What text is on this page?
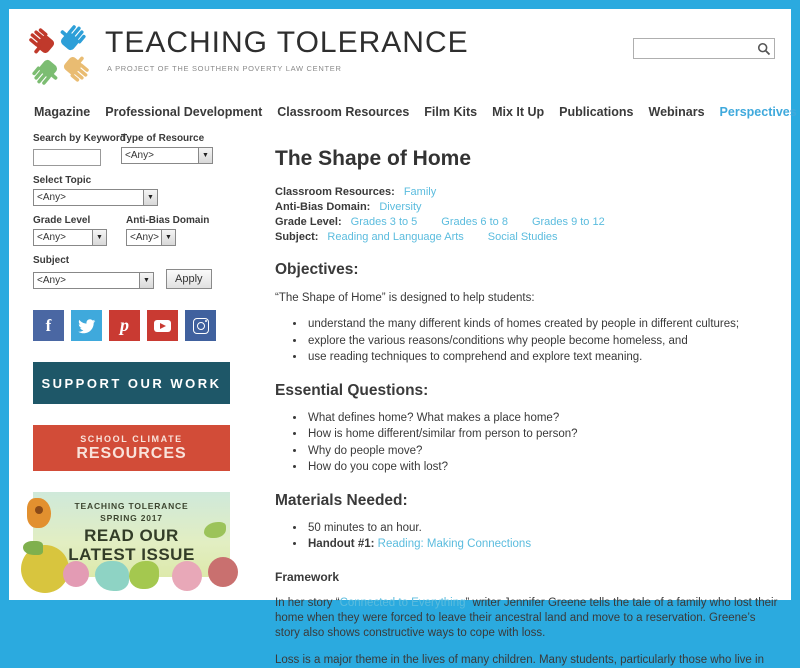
TEACHING TOLERANCE
A PROJECT OF THE SOUTHERN POVERTY LAW CENTER
Magazine Professional Development Classroom Resources Film Kits Mix It Up Publications Webinars Perspectives
Search by Keyword
Type of Resource
<Any>	▼
Select Topic
<Any>	▼
Grade Level
<Any>	▼
Anti-Bias Domain
<Any> ▼
Subject
<Any>	▼	Apply
f	p
SUPPORT OUR WORK
SCHOOL CLIMATE
RESOURCES
TEACHING TOLERANCE
SPRING 2017
READ OUR
LATEST ISSUE
The Shape of Home
Classroom Resources: Family
Anti-Bias Domain: Diversity
Grade Level: Grades 3 to 5 Grades 6 to 8 Grades 9 to 12
Subject: Reading and Language Arts Social Studies
Objectives:

“The Shape of Home” is designed to help students:

• understand the many different kinds of homes created by people in different cultures;
• explore the various reasons/conditions why people become homeless, and
• use reading techniques to comprehend and explore text meaning.
Essential Questions:
• What defines home? What makes a place home?
• How is home different/similar from person to person?
• Why do people move?
• How do you cope with lost?
Materials Needed:
• 50 minutes to an hour.
• Handout #1: Reading: Making Connections
Framework

In her story “Connected to Everything” writer Jennifer Greene tells the tale of a family who lost their home when they were forced to leave their ancestral land and move to a reservation. Greene’s story also shows constructive ways to cope with loss.

Loss is a major theme in the lives of many children. Many students, particularly those who live in
